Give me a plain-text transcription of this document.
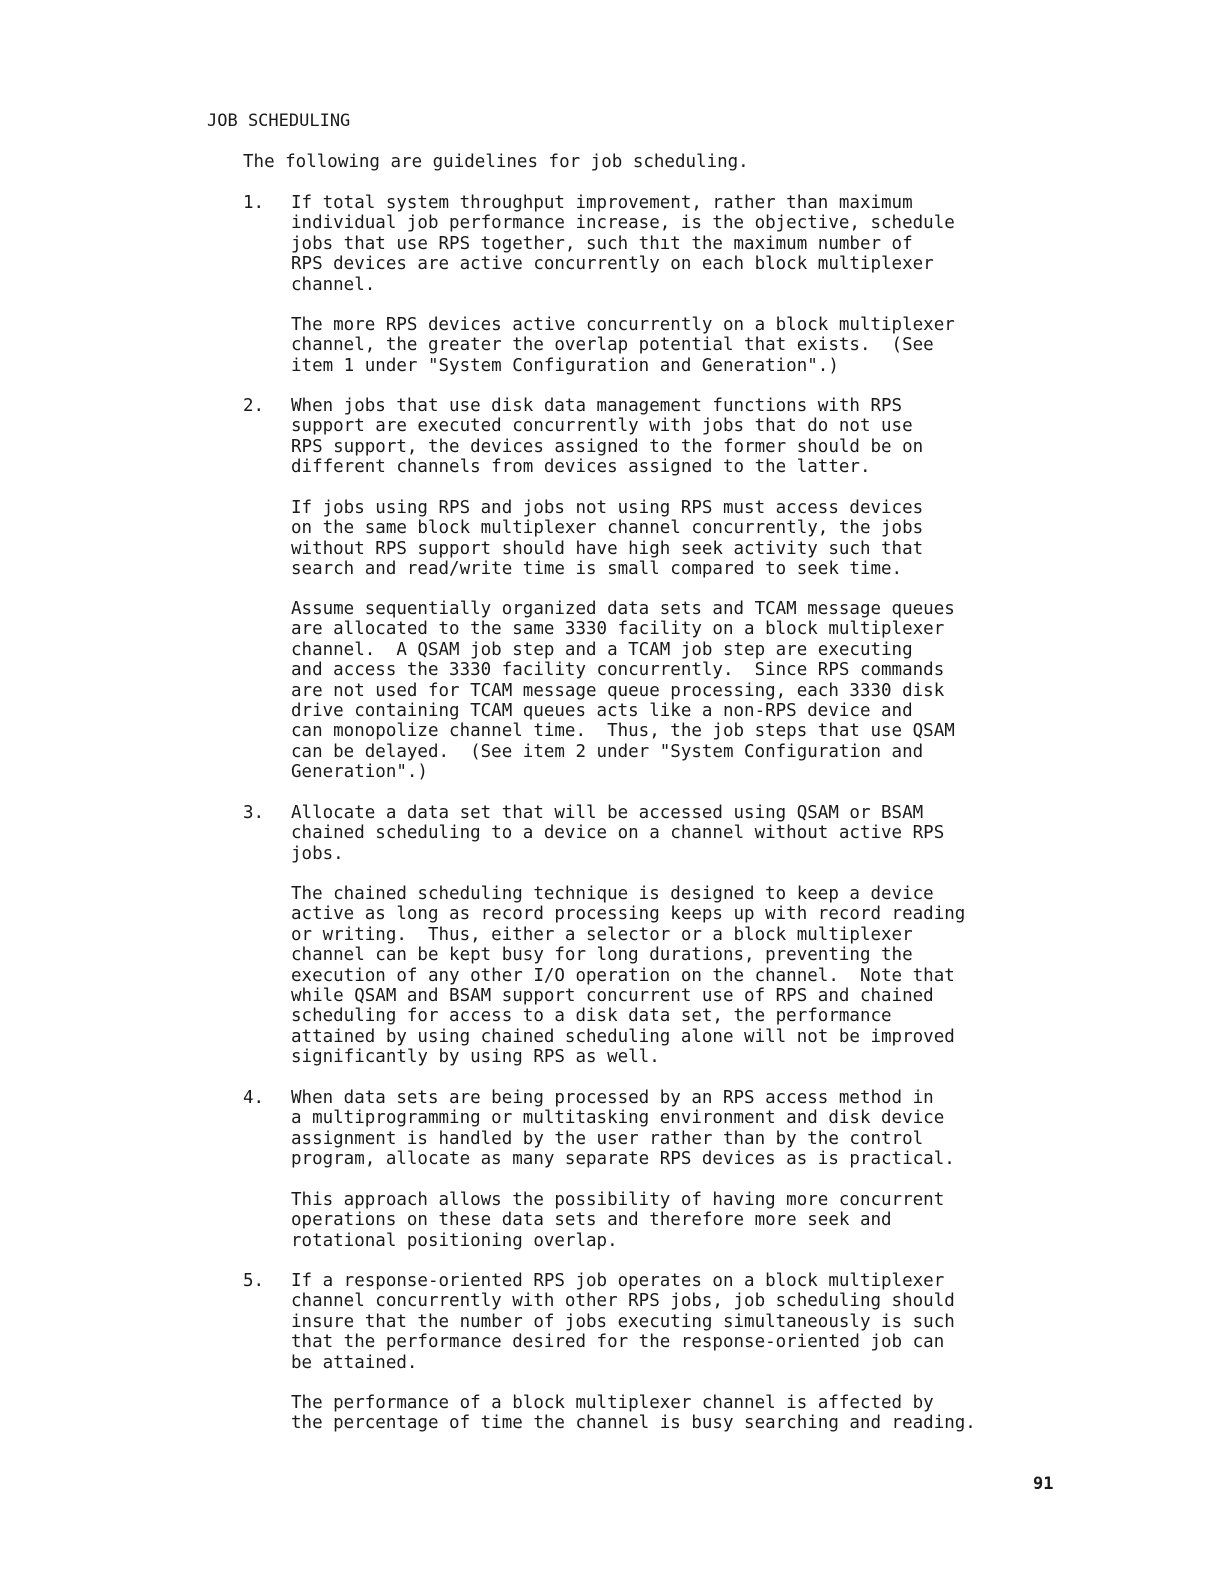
JOB SCHEDULING
The following are guidelines for job scheduling.
1. If total system throughput improvement, rather than maximum
individual job performance increase, is the objective, schedule
jobs that use RPS together, such thıt the maximum number of
RPS devices are active concurrently on each block multiplexer
channel.
The more RPS devices active concurrently on a block multiplexer
channel, the greater the overlap potential that exists.  (See
item 1 under "System Configuration and Generation".)
2. When jobs that use disk data management functions with RPS
support are executed concurrently with jobs that do not use
RPS support, the devices assigned to the former should be on
different channels from devices assigned to the latter.
If jobs using RPS and jobs not using RPS must access devices
on the same block multiplexer channel concurrently, the jobs
without RPS support should have high seek activity such that
search and read/write time is small compared to seek time.
Assume sequentially organized data sets and TCAM message queues
are allocated to the same 3330 facility on a block multiplexer
channel.  A QSAM job step and a TCAM job step are executing
and access the 3330 facility concurrently.  Since RPS commands
are not used for TCAM message queue processing, each 3330 disk
drive containing TCAM queues acts like a non-RPS device and
can monopolize channel time.  Thus, the job steps that use QSAM
can be delayed.  (See item 2 under "System Configuration and
Generation".)
3. Allocate a data set that will be accessed using QSAM or BSAM
chained scheduling to a device on a channel without active RPS
jobs.
The chained scheduling technique is designed to keep a device
active as long as record processing keeps up with record reading
or writing.  Thus, either a selector or a block multiplexer
channel can be kept busy for long durations, preventing the
execution of any other I/O operation on the channel.  Note that
while QSAM and BSAM support concurrent use of RPS and chained
scheduling for access to a disk data set, the performance
attained by using chained scheduling alone will not be improved
significantly by using RPS as well.
4. When data sets are being processed by an RPS access method in
a multiprogramming or multitasking environment and disk device
assignment is handled by the user rather than by the control
program, allocate as many separate RPS devices as is practical.
This approach allows the possibility of having more concurrent
operations on these data sets and therefore more seek and
rotational positioning overlap.
5. If a response-oriented RPS job operates on a block multiplexer
channel concurrently with other RPS jobs, job scheduling should
insure that the number of jobs executing simultaneously is such
that the performance desired for the response-oriented job can
be attained.
The performance of a block multiplexer channel is affected by
the percentage of time the channel is busy searching and reading.
91
